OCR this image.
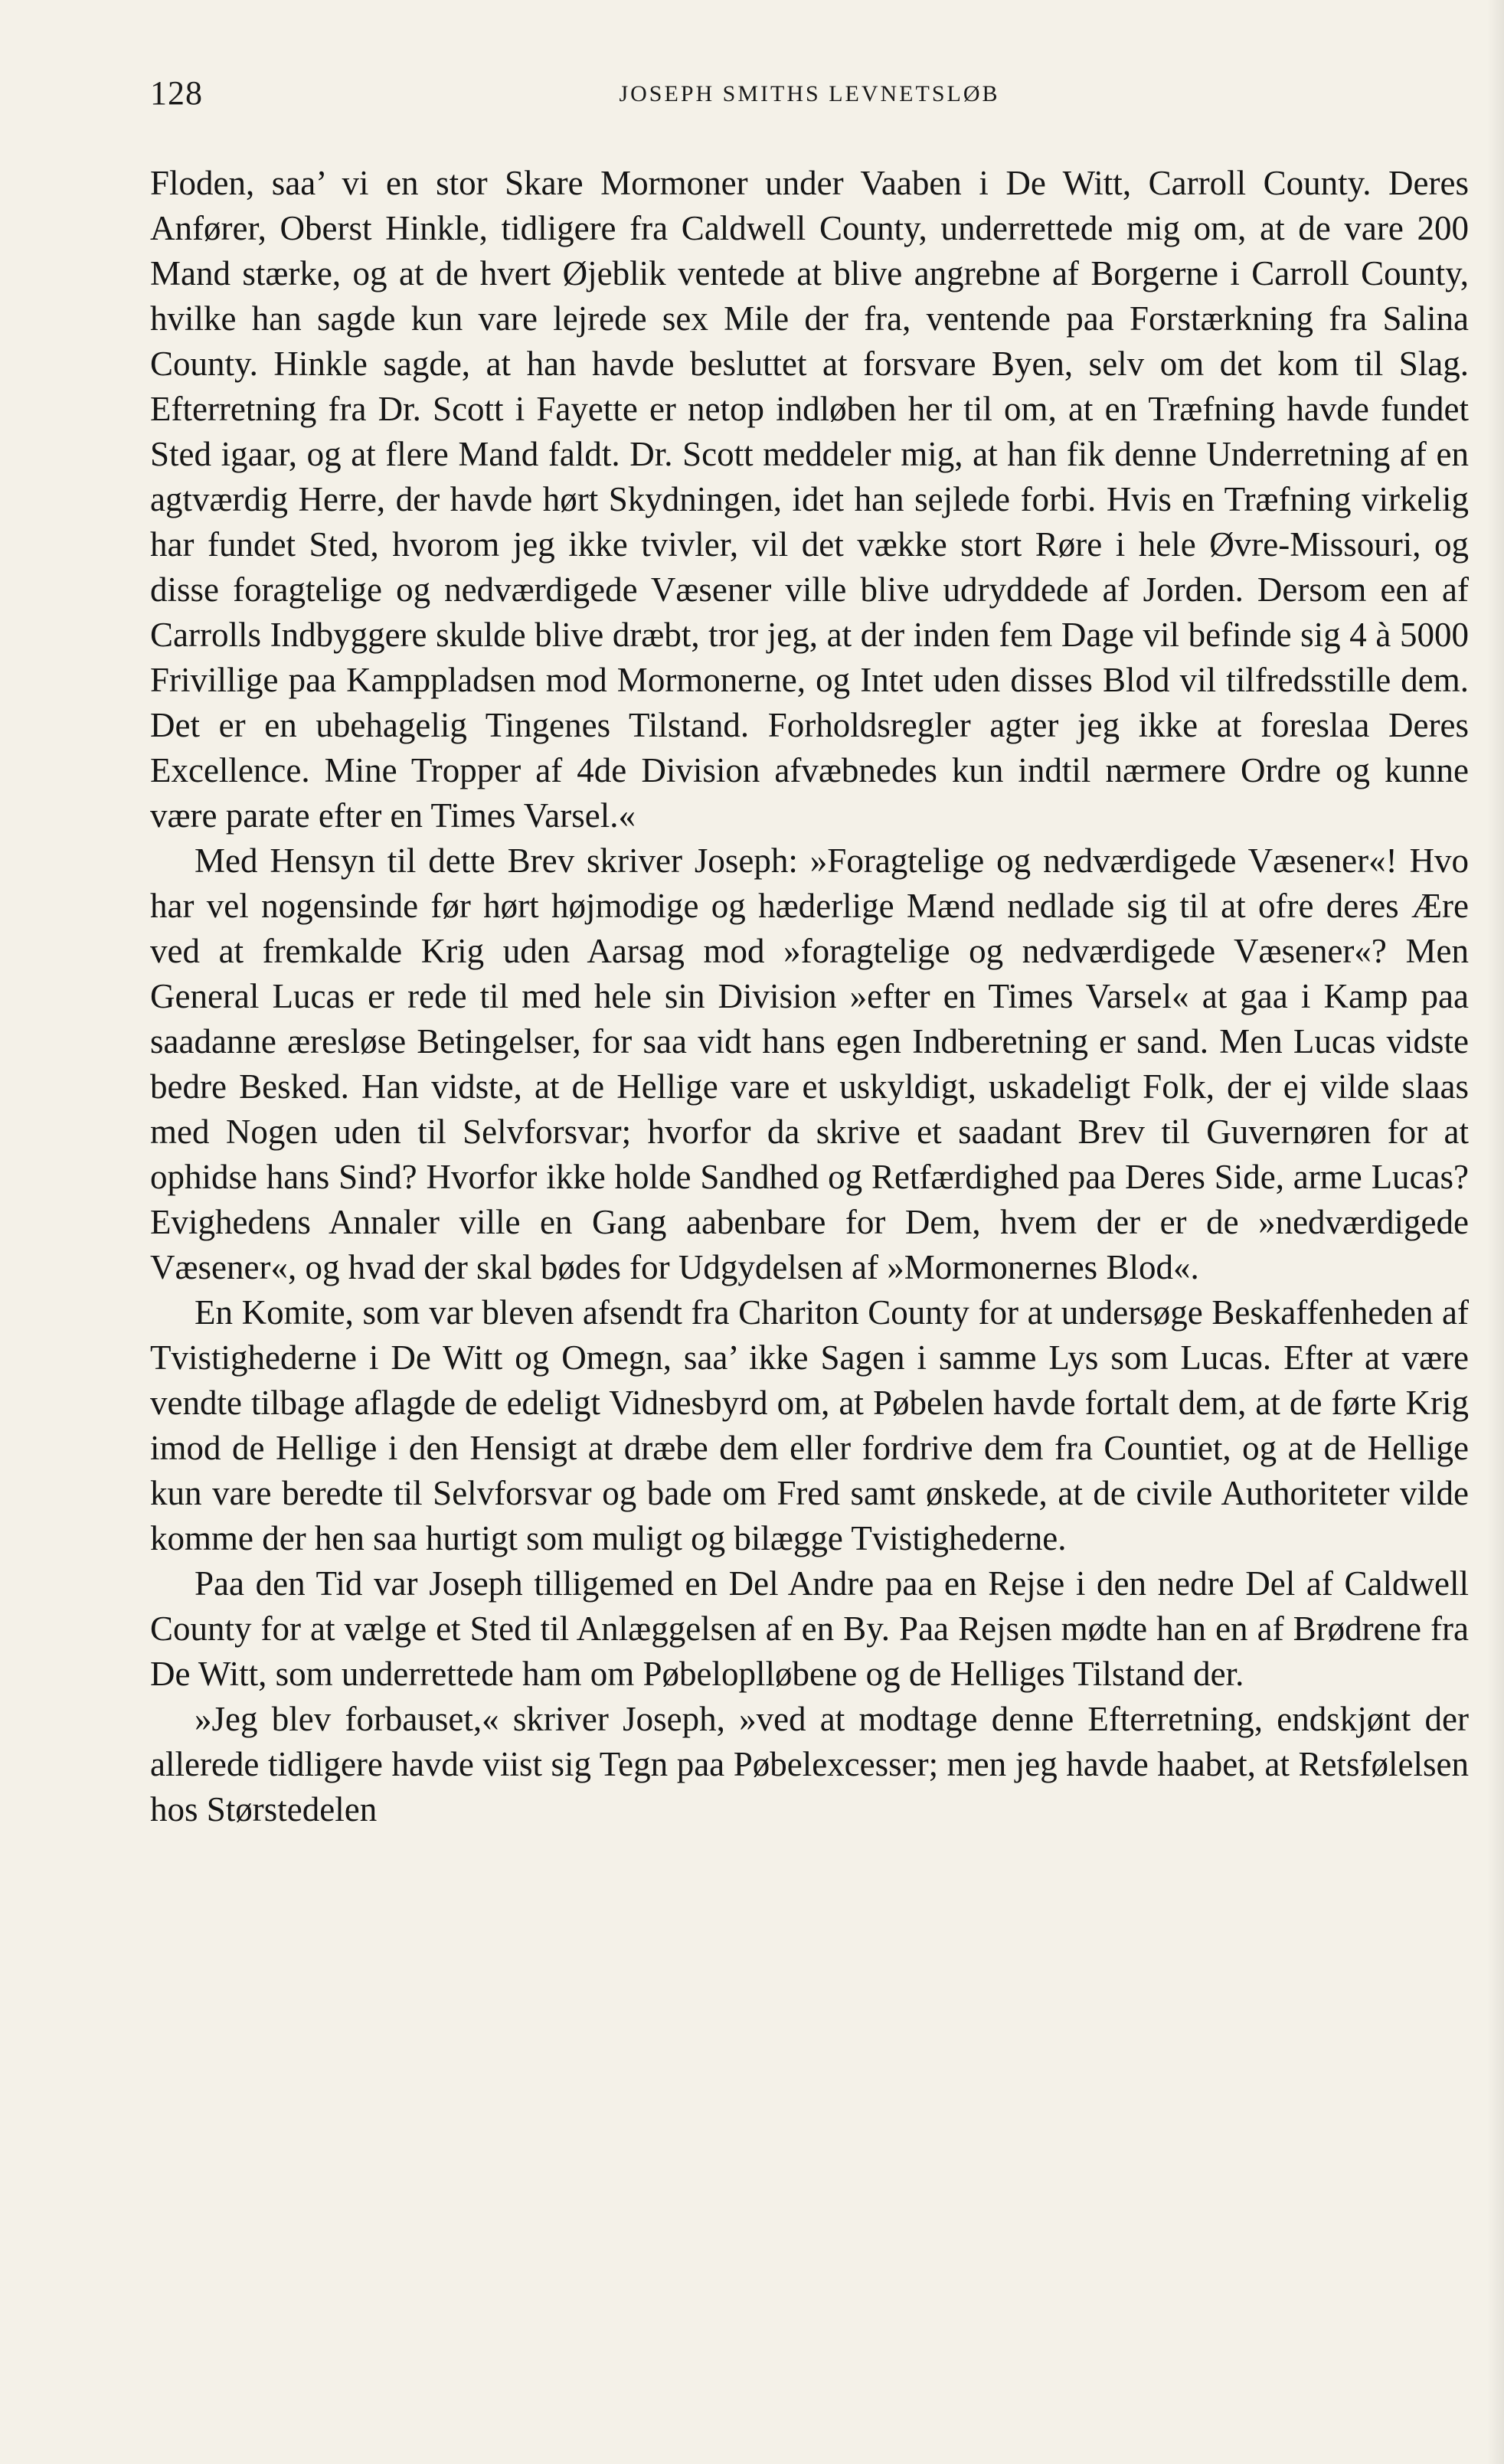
128	JOSEPH SMITHS LEVNETSLØB

Floden, saa’ vi en stor Skare Mormoner under Vaaben i De Witt, Carroll County. Deres Anfører, Oberst Hinkle, tidligere fra Caldwell County, underrettede mig om, at de vare 200 Mand stærke, og at de hvert Øjeblik ventede at blive angrebne af Borgerne i Carroll County, hvilke han sagde kun vare lejrede sex Mile der fra, ventende paa Forstærkning fra Salina County. Hinkle sagde, at han havde besluttet at forsvare Byen, selv om det kom til Slag. Efterretning fra Dr. Scott i Fayette er netop indløben her til om, at en Træfning havde fundet Sted igaar, og at flere Mand faldt. Dr. Scott meddeler mig, at han fik denne Underretning af en agtværdig Herre, der havde hørt Skydningen, idet han sejlede forbi. Hvis en Træfning virkelig har fundet Sted, hvorom jeg ikke tvivler, vil det vække stort Røre i hele Øvre-Missouri, og disse foragtelige og nedværdigede Væsener ville blive udryddede af Jorden. Dersom een af Carrolls Indbyggere skulde blive dræbt, tror jeg, at der inden fem Dage vil befinde sig 4 à 5000 Frivillige paa Kamppladsen mod Mormonerne, og Intet uden disses Blod vil tilfredsstille dem. Det er en ubehagelig Tingenes Tilstand. Forholdsregler agter jeg ikke at foreslaa Deres Excellence. Mine Tropper af 4de Division afvæbnedes kun indtil nærmere Ordre og kunne være parate efter en Times Varsel.«

Med Hensyn til dette Brev skriver Joseph: »Foragtelige og nedværdigede Væsener«! Hvo har vel nogensinde før hørt højmodige og hæderlige Mænd nedlade sig til at ofre deres Ære ved at fremkalde Krig uden Aarsag mod »foragtelige og nedværdigede Væsener«? Men General Lucas er rede til med hele sin Division »efter en Times Varsel« at gaa i Kamp paa saadanne æresløse Betingelser, for saa vidt hans egen Indberetning er sand. Men Lucas vidste bedre Besked. Han vidste, at de Hellige vare et uskyldigt, uskadeligt Folk, der ej vilde slaas med Nogen uden til Selvforsvar; hvorfor da skrive et saadant Brev til Guvernøren for at ophidse hans Sind? Hvorfor ikke holde Sandhed og Retfærdighed paa Deres Side, arme Lucas? Evighedens Annaler ville en Gang aabenbare for Dem, hvem der er de »nedværdigede Væsener«, og hvad der skal bødes for Udgydelsen af »Mormonernes Blod«.

En Komite, som var bleven afsendt fra Chariton County for at undersøge Beskaffenheden af Tvistighederne i De Witt og Omegn, saa’ ikke Sagen i samme Lys som Lucas. Efter at være vendte tilbage aflagde de edeligt Vidnesbyrd om, at Pøbelen havde fortalt dem, at de førte Krig imod de Hellige i den Hensigt at dræbe dem eller fordrive dem fra Countiet, og at de Hellige kun vare beredte til Selvforsvar og bade om Fred samt ønskede, at de civile Authoriteter vilde komme der hen saa hurtigt som muligt og bilægge Tvistighederne.

Paa den Tid var Joseph tilligemed en Del Andre paa en Rejse i den nedre Del af Caldwell County for at vælge et Sted til Anlæggelsen af en By. Paa Rejsen mødte han en af Brødrene fra De Witt, som underrettede ham om Pøbeloplløbene og de Helliges Tilstand der.

»Jeg blev forbauset,« skriver Joseph, »ved at modtage denne Efterretning, endskjønt der allerede tidligere havde viist sig Tegn paa Pøbelexcesser; men jeg havde haabet, at Retsfølelsen hos Størstedelen
